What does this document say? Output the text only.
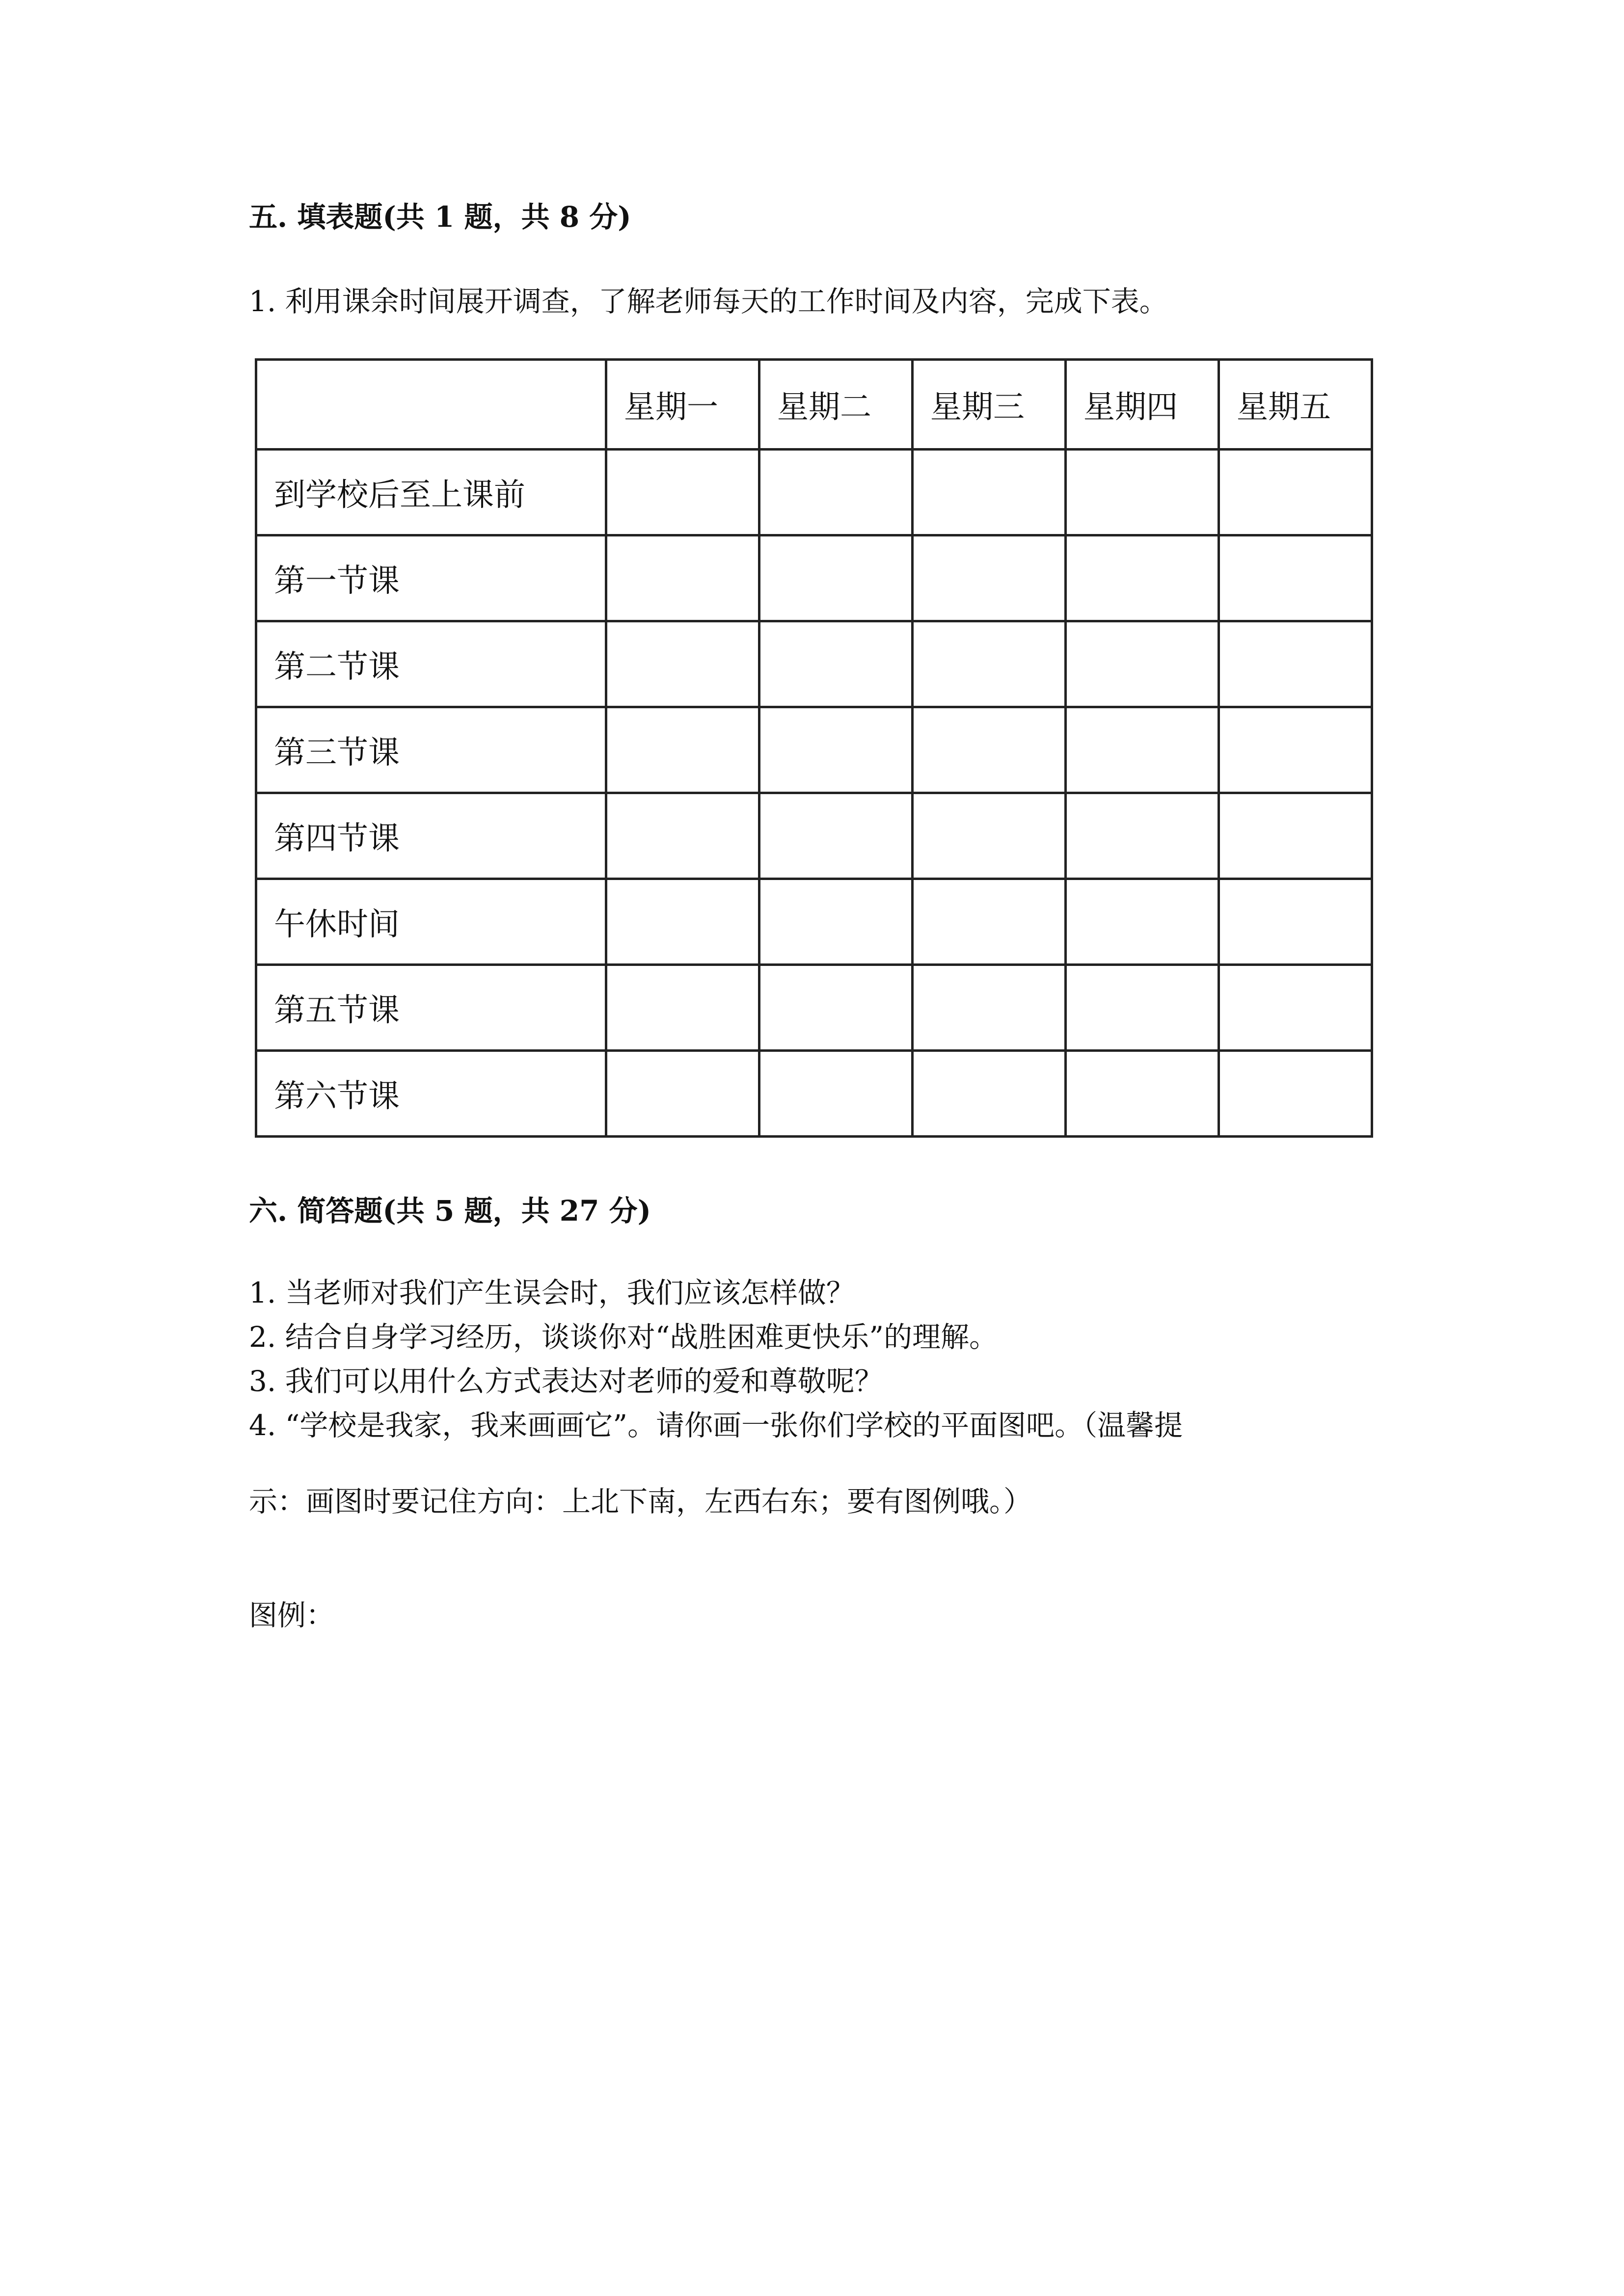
五. 填表题(共 1 题，共 8 分)
1. 利用课余时间展开调查，了解老师每天的工作时间及内容，完成下表。
	星期一	星期二	星期三	星期四	星期五
到学校后至上课前					
第一节课					
第二节课					
第三节课					
第四节课					
午休时间					
第五节课					
第六节课					
六. 简答题(共 5 题，共 27 分)
1. 当老师对我们产生误会时，我们应该怎样做？
2. 结合自身学习经历，谈谈你对“战胜困难更快乐”的理解。
3. 我们可以用什么方式表达对老师的爱和尊敬呢？
4. “学校是我家，我来画画它”。请你画一张你们学校的平面图吧。（温馨提
示：画图时要记住方向：上北下南，左西右东；要有图例哦。）
图例：
